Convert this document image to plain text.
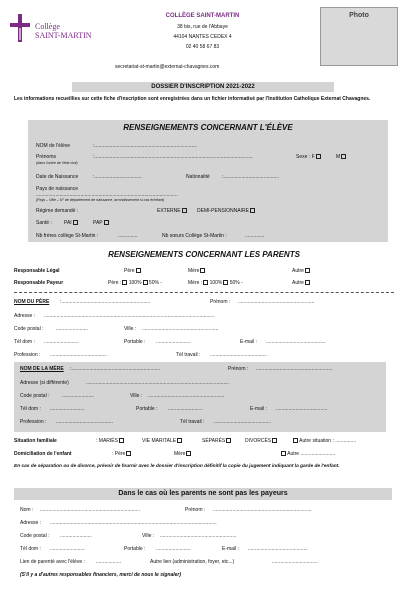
Collège
SAINT-MARTIN
COLLÈGE SAINT-MARTIN
38 bis, rue de l'Abbaye
44104 NANTES CEDEX 4
02 40 58 67 83
Photo
secretariat-st-martin@externat-chavagnes.com
DOSSIER D'INSCRIPTION 2021-2022
Les informations recueillies sur cette fiche d'inscription sont enregistrées dans un fichier informatisé par l'Institution Catholique Externat Chavagnes.
RENSEIGNEMENTS CONCERNANT L'ÉLÈVE
NOM de l'élève	:..........................................................................
Prénoms	:..................................................................................................................	Sexe : F	M
(dans l'ordre de l'état civil)
Date de Naissance	:..................................	Nationalité :........................................
Pays de naissance
......................................................................................................
(Pays – Ville – N° de département de naissance, arrondissement si cas échéant)
Régime demandé :	EXTERNE	DEMI-PENSIONNAIRE
Santé : PAI	PAP
Nb frères collège St-Martin :	..............	Nb sœurs Collège St-Martin :	..............
RENSEIGNEMENTS CONCERNANT LES PARENTS
Responsable Légal	Père	Mère	Autre
Responsable Payeur	Père : 100% 50% -	Mère : 100% 50% -	Autre
NOM DU PÈRE :................................................................	Prénom : .......................................................
Adresse : ...........................................................................................................................
Code postal :	.......................	Ville : .......................................................
Tél dom : .........................	Portable : .........................	E-mail : ...........................................
Profession : .........................................	Tél travail : .........................................
NOM DE LA MÈRE :................................................................	Prénom : .......................................................
Adresse (si différente)	.......................................................................................................
Code postal :	.......................	Ville : .......................................................
Tél dom : .........................	Portable : .........................	E-mail : .....................................
Profession : .........................................	Tél travail : .........................................
Situation familiale	: MARIÉS	VIE MARITALE	SÉPARÉS	DIVORCÉS	Autre situation : ...............
Domiciliation de l'enfant	: Père	Mère	Autre .........................
En cas de séparation ou de divorce, prévoir de fournir avec le dossier d'inscription définitif la copie du jugement indiquant la garde de l'enfant.
Dans le cas où les parents ne sont pas les payeurs
Nom : ........................................................................	Prénom : .......................................................................
Adresse : ........................................................................................................................
Code postal : .......................	Ville : .......................................................
Tél dom : .........................	Portable : .........................	E-mail : ...........................................
Lien de parenté avec l'élève : ..................	Autre lien (administration, foyer, etc...)	.................................
(S'il y a d'autres responsables financiers, merci de nous le signaler)
